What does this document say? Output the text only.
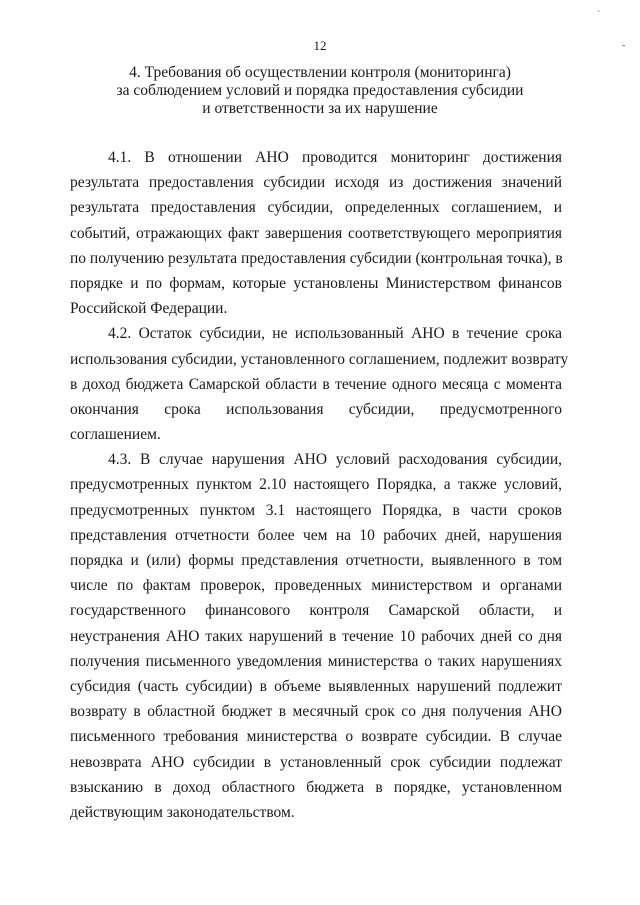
ˋ
-
12
4. Требования об осуществлении контроля (мониторинга)
за соблюдением условий и порядка предоставления субсидии
и ответственности за их нарушение
4.1. В отношении АНО проводится мониторинг достижения
результата предоставления субсидии исходя из достижения значений
результата предоставления субсидии, определенных соглашением, и
событий, отражающих факт завершения соответствующего мероприятия
по получению результата предоставления субсидии (контрольная точка), в
порядке и по формам, которые установлены Министерством финансов
Российской Федерации.
4.2. Остаток субсидии, не использованный АНО в течение срока
использования субсидии, установленного соглашением, подлежит возврату
в доход бюджета Самарской области в течение одного месяца с момента
окончания срока использования субсидии, предусмотренного
соглашением.
4.3. В случае нарушения АНО условий расходования субсидии,
предусмотренных пунктом 2.10 настоящего Порядка, а также условий,
предусмотренных пунктом 3.1 настоящего Порядка, в части сроков
представления отчетности более чем на 10 рабочих дней, нарушения
порядка и (или) формы представления отчетности, выявленного в том
числе по фактам проверок, проведенных министерством и органами
государственного финансового контроля Самарской области, и
неустранения АНО таких нарушений в течение 10 рабочих дней со дня
получения письменного уведомления министерства о таких нарушениях
субсидия (часть субсидии) в объеме выявленных нарушений подлежит
возврату в областной бюджет в месячный срок со дня получения АНО
письменного требования министерства о возврате субсидии. В случае
невозврата АНО субсидии в установленный срок субсидии подлежат
взысканию в доход областного бюджета в порядке, установленном
действующим законодательством.
